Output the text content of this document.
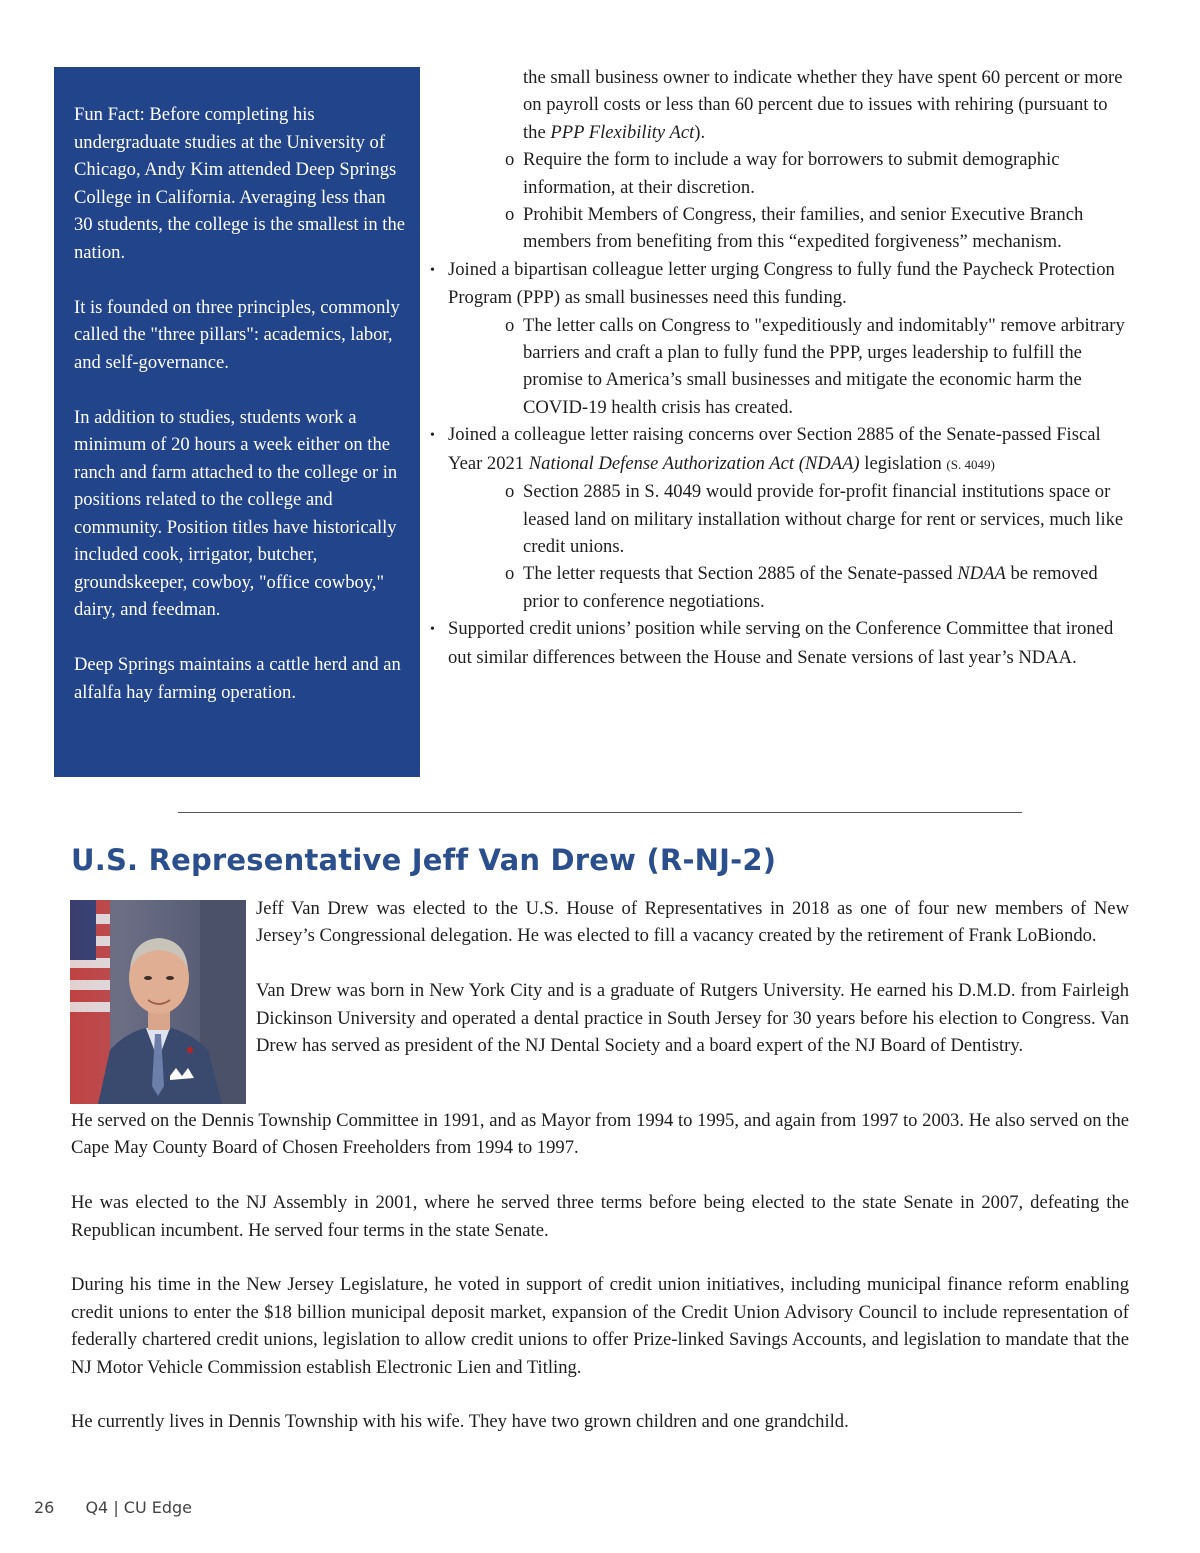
Fun Fact: Before completing his undergraduate studies at the University of Chicago, Andy Kim attended Deep Springs College in California. Averaging less than 30 students, the college is the smallest in the nation.

It is founded on three principles, commonly called the "three pillars": academics, labor, and self-governance.

In addition to studies, students work a minimum of 20 hours a week either on the ranch and farm attached to the college or in positions related to the college and community. Position titles have historically included cook, irrigator, butcher, groundskeeper, cowboy, "office cowboy," dairy, and feedman.

Deep Springs maintains a cattle herd and an alfalfa hay farming operation.

the small business owner to indicate whether they have spent 60 percent or more on payroll costs or less than 60 percent due to issues with rehiring (pursuant to the PPP Flexibility Act).

o Require the form to include a way for borrowers to submit demographic information, at their discretion.

o Prohibit Members of Congress, their families, and senior Executive Branch members from benefiting from this “expedited forgiveness” mechanism.

• Joined a bipartisan colleague letter urging Congress to fully fund the Paycheck Protection Program (PPP) as small businesses need this funding.

o The letter calls on Congress to "expeditiously and indomitably" remove arbitrary barriers and craft a plan to fully fund the PPP, urges leadership to fulfill the promise to America’s small businesses and mitigate the economic harm the COVID-19 health crisis has created.

• Joined a colleague letter raising concerns over Section 2885 of the Senate-passed Fiscal Year 2021 National Defense Authorization Act (NDAA) legislation (S. 4049)

o Section 2885 in S. 4049 would provide for-profit financial institutions space or leased land on military installation without charge for rent or services, much like credit unions.

o The letter requests that Section 2885 of the Senate-passed NDAA be removed prior to conference negotiations.

• Supported credit unions’ position while serving on the Conference Committee that ironed out similar differences between the House and Senate versions of last year’s NDAA.

U.S. Representative Jeff Van Drew (R-NJ-2)

Jeff Van Drew was elected to the U.S. House of Representatives in 2018 as one of four new members of New Jersey’s Congressional delegation. He was elected to fill a vacancy created by the retirement of Frank LoBiondo.

Van Drew was born in New York City and is a graduate of Rutgers University. He earned his D.M.D. from Fairleigh Dickinson University and operated a dental practice in South Jersey for 30 years before his election to Congress. Van Drew has served as president of the NJ Dental Society and a board expert of the NJ Board of Dentistry.

He served on the Dennis Township Committee in 1991, and as Mayor from 1994 to 1995, and again from 1997 to 2003. He also served on the Cape May County Board of Chosen Freeholders from 1994 to 1997.

He was elected to the NJ Assembly in 2001, where he served three terms before being elected to the state Senate in 2007, defeating the Republican incumbent. He served four terms in the state Senate.

During his time in the New Jersey Legislature, he voted in support of credit union initiatives, including municipal finance reform enabling credit unions to enter the $18 billion municipal deposit market, expansion of the Credit Union Advisory Council to include representation of federally chartered credit unions, legislation to allow credit unions to offer Prize-linked Savings Accounts, and legislation to mandate that the NJ Motor Vehicle Commission establish Electronic Lien and Titling.

He currently lives in Dennis Township with his wife. They have two grown children and one grandchild.

26 Q4 | CU Edge
